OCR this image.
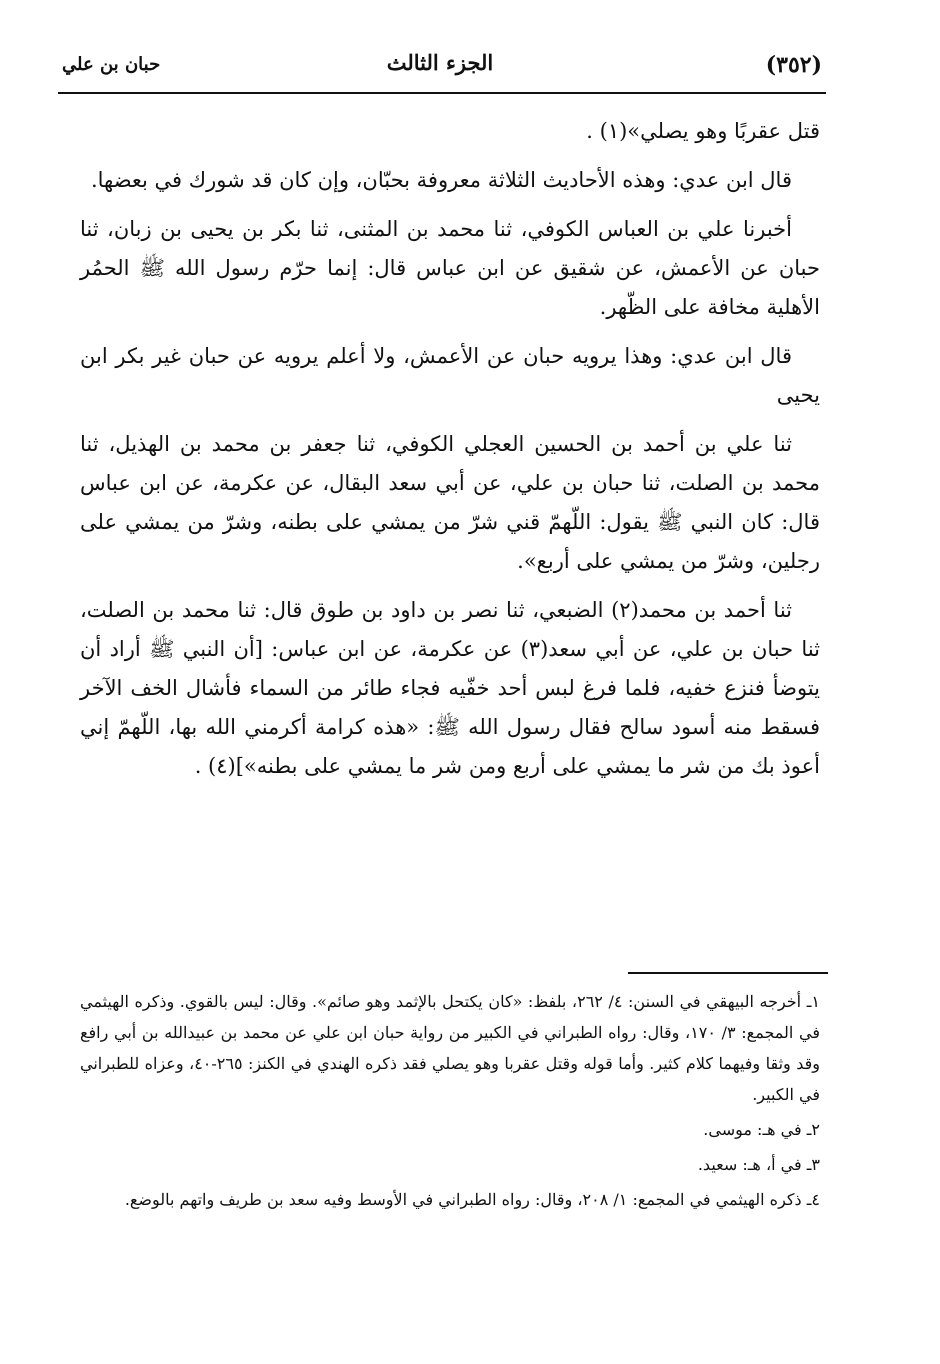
(٣٥٢)
الجزء الثالث
حبان بن علي

قتل عقربًا وهو يصلي»(١) .

قال ابن عدي: وهذه الأحاديث الثلاثة معروفة بحبّان، وإن كان قد شورك في بعضها.

أخبرنا علي بن العباس الكوفي، ثنا محمد بن المثنى، ثنا بكر بن يحيى بن زبان، ثنا حبان عن الأعمش، عن شقيق عن ابن عباس قال: إنما حرّم رسول الله ﷺ الحمُر الأهلية مخافة على الظّهر.

قال ابن عدي: وهذا يرويه حبان عن الأعمش، ولا أعلم يرويه عن حبان غير بكر ابن يحيى

ثنا علي بن أحمد بن الحسين العجلي الكوفي، ثنا جعفر بن محمد بن الهذيل، ثنا محمد بن الصلت، ثنا حبان بن علي، عن أبي سعد البقال، عن عكرمة، عن ابن عباس قال: كان النبي ﷺ يقول: اللّهمّ قني شرّ من يمشي على بطنه، وشرّ من يمشي على رجلين، وشرّ من يمشي على أربع».

ثنا أحمد بن محمد(٢) الضبعي، ثنا نصر بن داود بن طوق قال: ثنا محمد بن الصلت، ثنا حبان بن علي، عن أبي سعد(٣) عن عكرمة، عن ابن عباس: [أن النبي ﷺ أراد أن يتوضأ فنزع خفيه، فلما فرغ لبس أحد خفّيه فجاء طائر من السماء فأشال الخف الآخر فسقط منه أسود سالح فقال رسول الله ﷺ: «هذه كرامة أكرمني الله بها، اللّهمّ إني أعوذ بك من شر ما يمشي على أربع ومن شر ما يمشي على بطنه»](٤) .

١ـ أخرجه البيهقي في السنن: ٤/ ٢٦٢، بلفظ: «كان يكتحل بالإثمد وهو صائم». وقال: ليس بالقوي. وذكره الهيثمي في المجمع: ٣/ ١٧٠، وقال: رواه الطبراني في الكبير من رواية حبان ابن علي عن محمد بن عبيدالله بن أبي رافع وقد وثقا وفيهما كلام كثير. وأما قوله وقتل عقربا وهو يصلي فقد ذكره الهندي في الكنز: ٢٦٥-٤٠، وعزاه للطبراني في الكبير.

٢ـ في هـ: موسى.

٣ـ في أ، هـ: سعيد.

٤ـ ذكره الهيثمي في المجمع: ١/ ٢٠٨، وقال: رواه الطبراني في الأوسط وفيه سعد بن طريف واتهم بالوضع.
